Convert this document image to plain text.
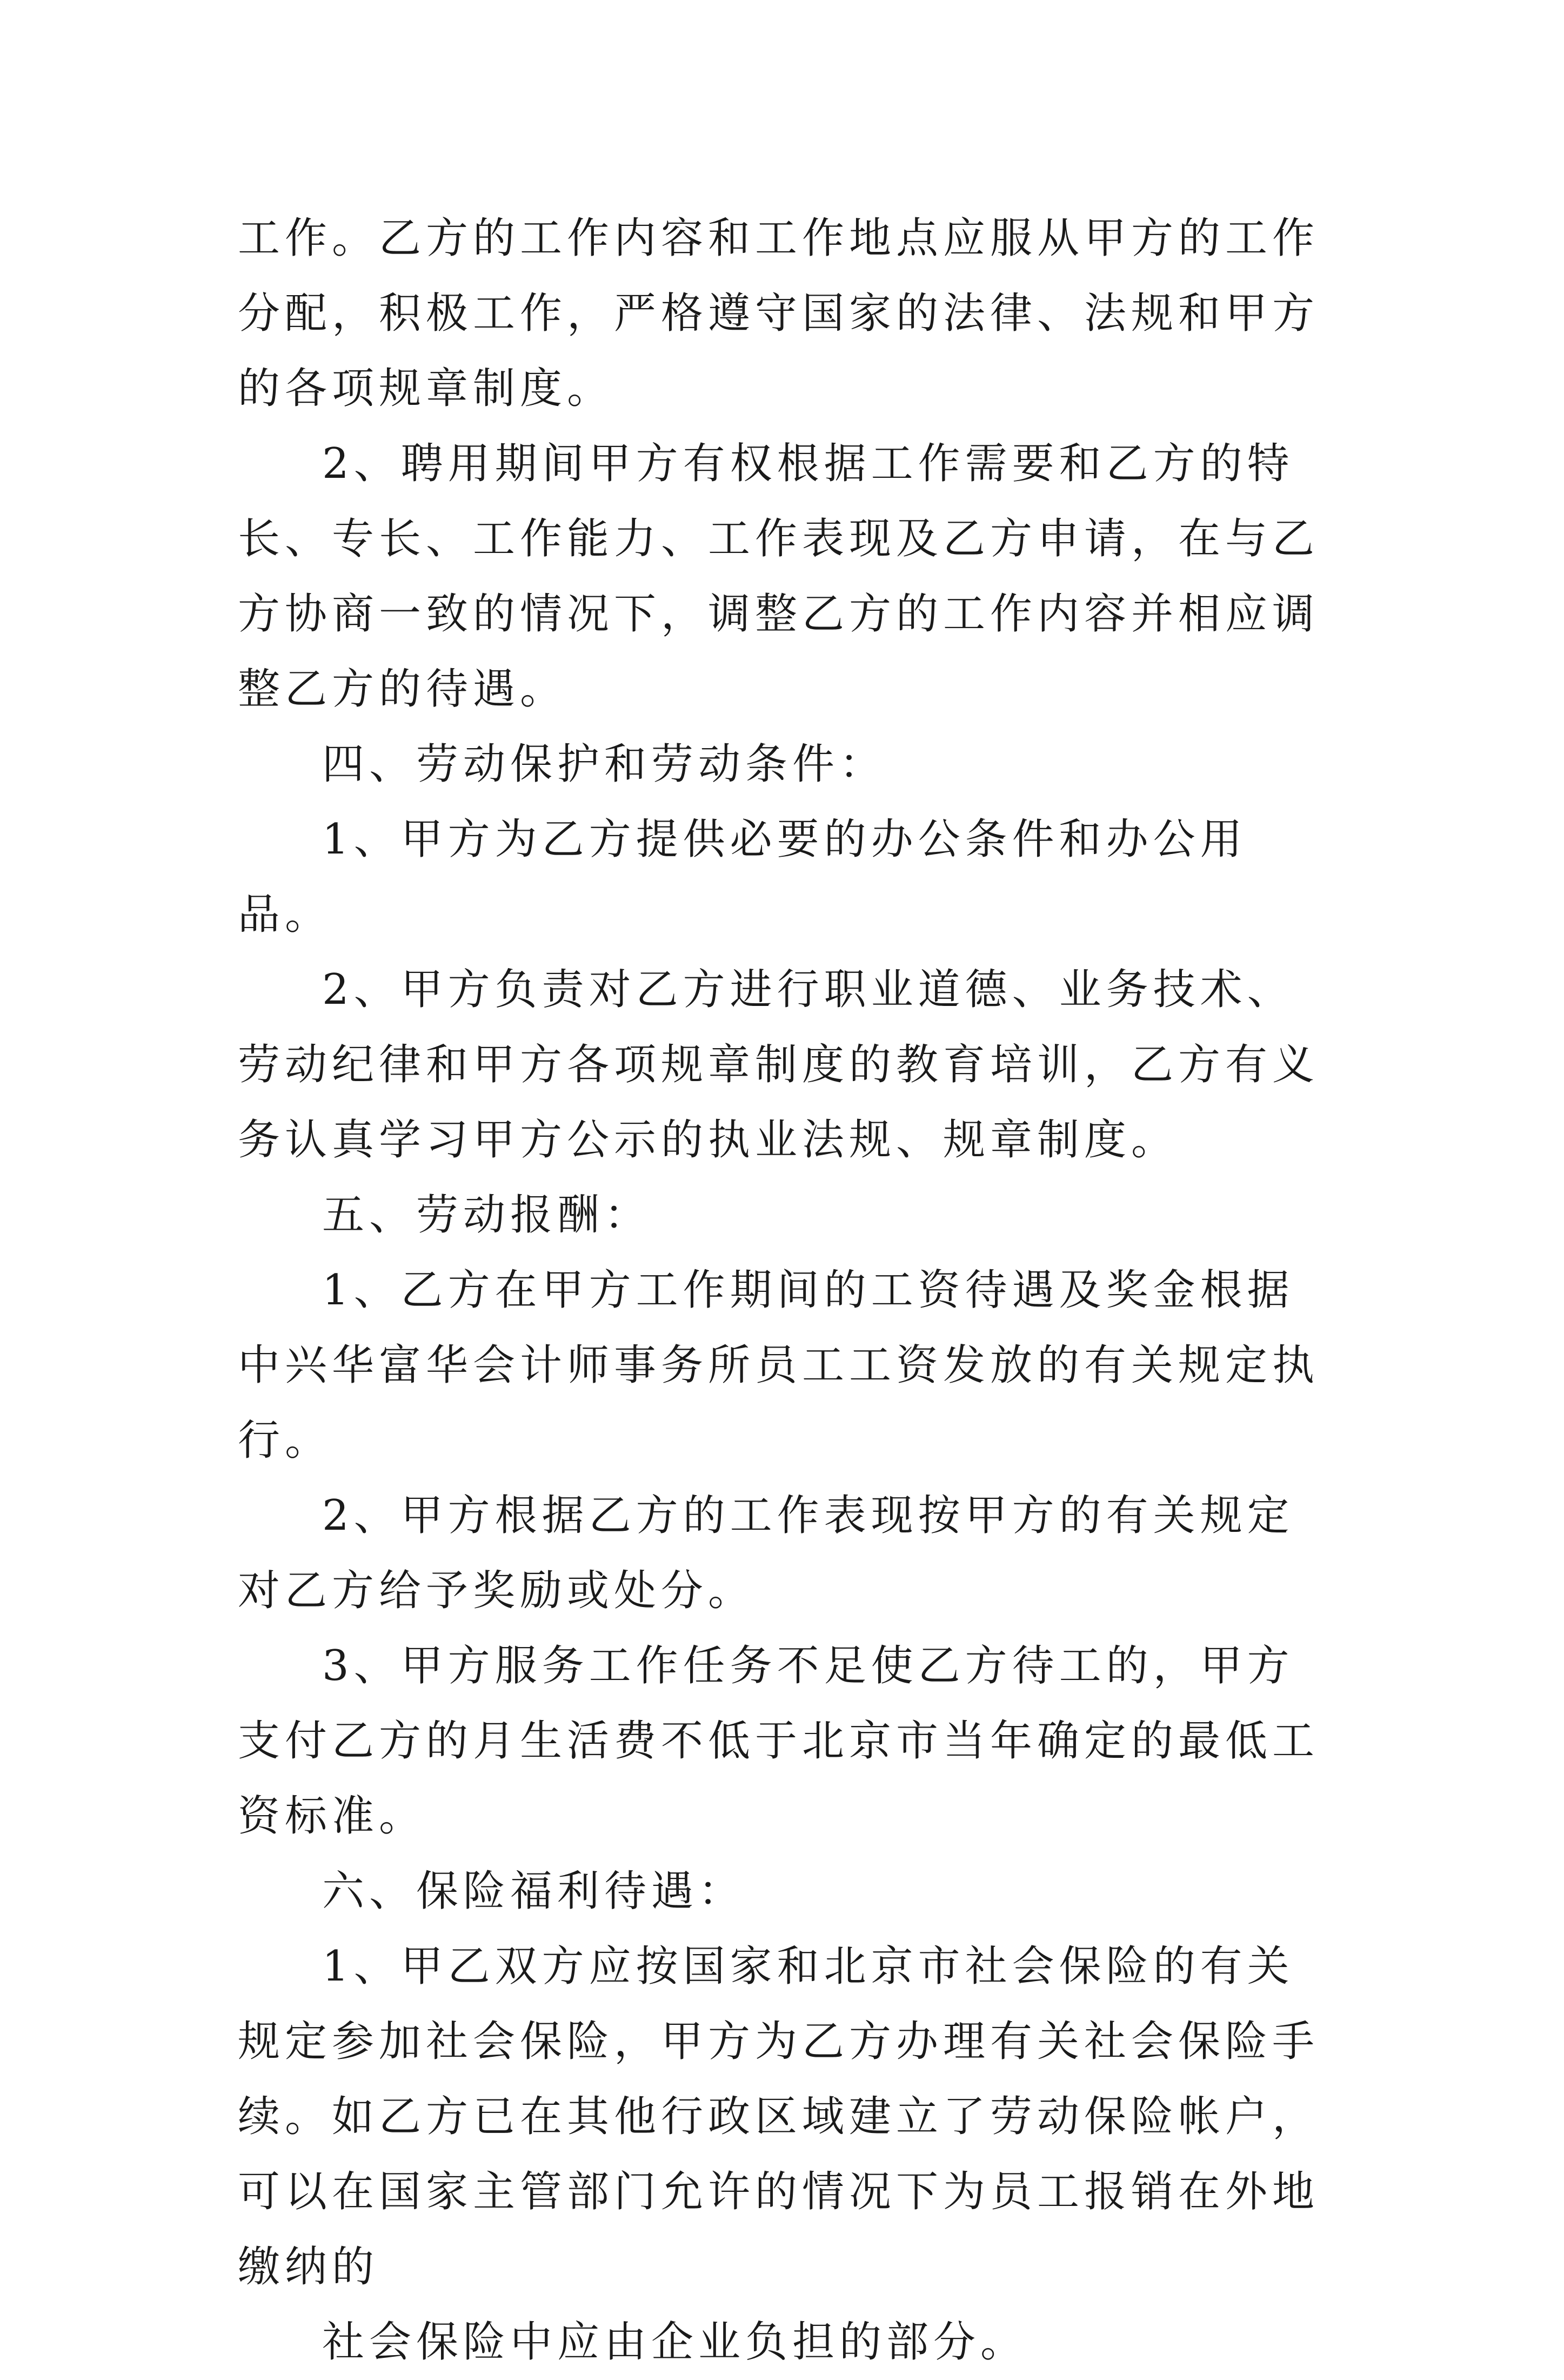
工作。乙方的工作内容和工作地点应服从甲方的工作分配，积极工作，严格遵守国家的法律、法规和甲方的各项规章制度。

2、聘用期间甲方有权根据工作需要和乙方的特长、专长、工作能力、工作表现及乙方申请，在与乙方协商一致的情况下，调整乙方的工作内容并相应调整乙方的待遇。

四、劳动保护和劳动条件：

1、甲方为乙方提供必要的办公条件和办公用品。

2、甲方负责对乙方进行职业道德、业务技术、劳动纪律和甲方各项规章制度的教育培训，乙方有义务认真学习甲方公示的执业法规、规章制度。

五、劳动报酬：

1、乙方在甲方工作期间的工资待遇及奖金根据中兴华富华会计师事务所员工工资发放的有关规定执行。

2、甲方根据乙方的工作表现按甲方的有关规定对乙方给予奖励或处分。

3、甲方服务工作任务不足使乙方待工的，甲方支付乙方的月生活费不低于北京市当年确定的最低工资标准。

六、保险福利待遇：

1、甲乙双方应按国家和北京市社会保险的有关规定参加社会保险，甲方为乙方办理有关社会保险手续。如乙方已在其他行政区域建立了劳动保险帐户，可以在国家主管部门允许的情况下为员工报销在外地缴纳的

社会保险中应由企业负担的部分。
